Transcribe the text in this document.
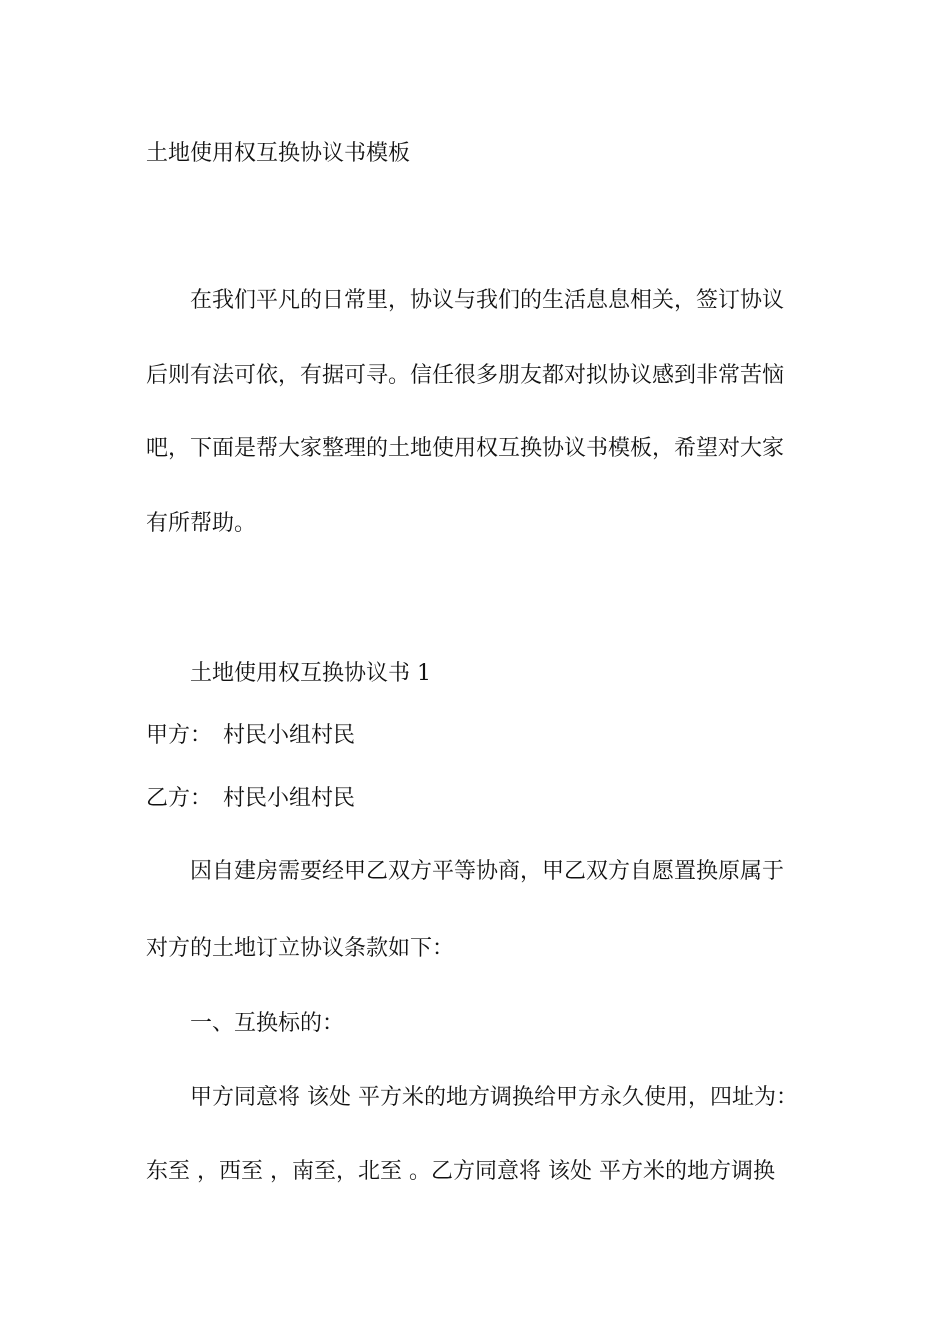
土地使用权互换协议书模板
在我们平凡的日常里，协议与我们的生活息息相关，签订协议
后则有法可依，有据可寻。信任很多朋友都对拟协议感到非常苦恼
吧，下面是帮大家整理的土地使用权互换协议书模板，希望对大家
有所帮助。
土地使用权互换协议书 1
甲方：　村民小组村民
乙方：　村民小组村民
因自建房需要经甲乙双方平等协商，甲乙双方自愿置换原属于
对方的土地订立协议条款如下：
一、互换标的：
甲方同意将 该处 平方米的地方调换给甲方永久使用，四址为：
东至 ，西至 ，南至，北至 。乙方同意将 该处 平方米的地方调换
